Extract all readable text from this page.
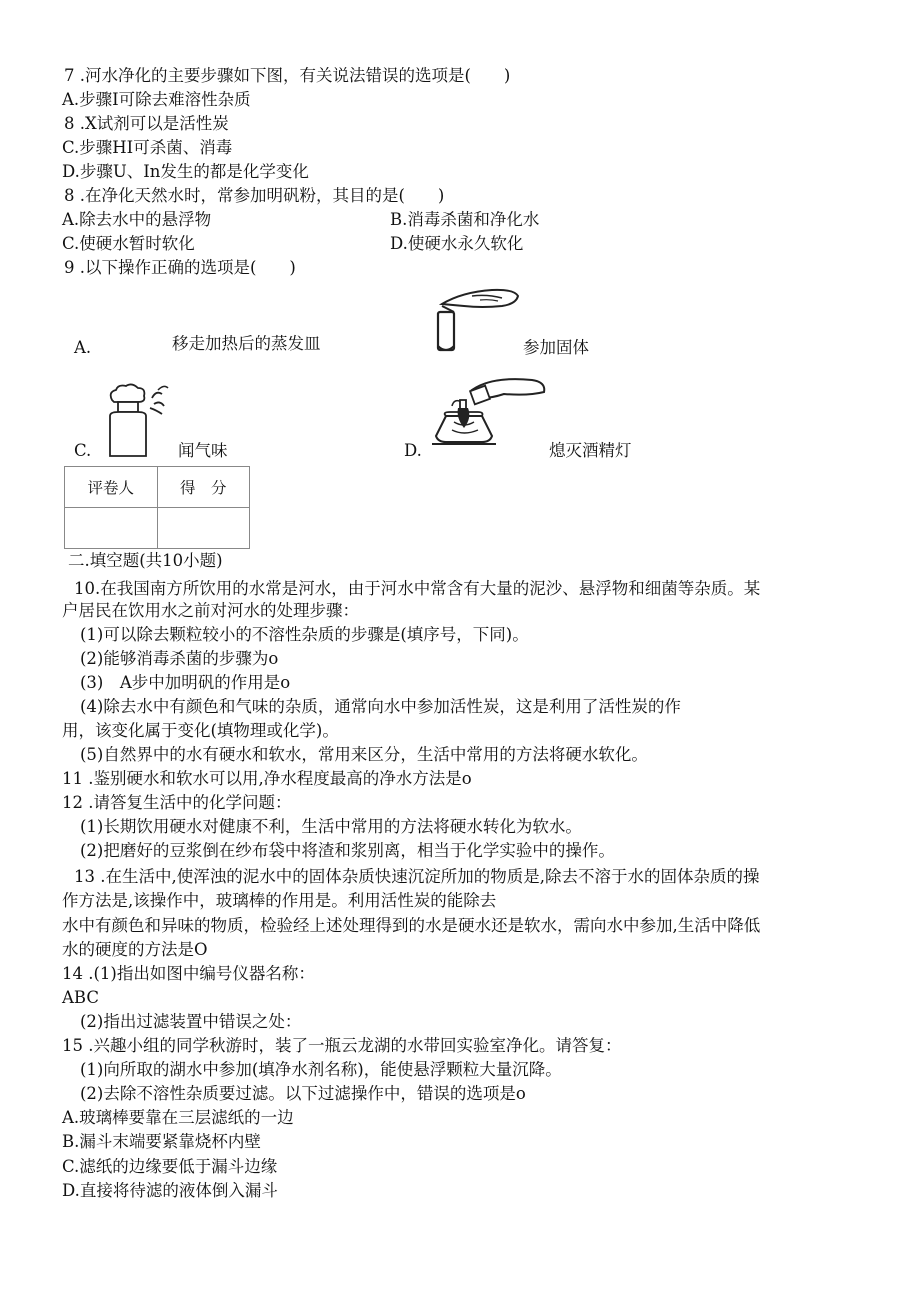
7 .河水净化的主要步骤如下图，有关说法错误的选项是(　　)
A.步骤I可除去难溶性杂质
8 .X试剂可以是活性炭
C.步骤HI可杀菌、消毒
D.步骤U、In发生的都是化学变化
8 .在净化天然水时，常参加明矾粉，其目的是(　　)
A.除去水中的悬浮物	B.消毒杀菌和净化水
C.使硬水暂时软化	D.使硬水永久软化
9 .以下操作正确的选项是(　　)
A.	移走加热后的蒸发皿	参加固体
C.	闻气味	D.	熄灭酒精灯
评卷人	得　分

二.填空题(共10小题)
10.在我国南方所饮用的水常是河水，由于河水中常含有大量的泥沙、悬浮物和细菌等杂质。某
户居民在饮用水之前对河水的处理步骤：
(1)可以除去颗粒较小的不溶性杂质的步骤是(填序号，下同)。
(2)能够消毒杀菌的步骤为o
(3)　A步中加明矾的作用是o
(4)除去水中有颜色和气味的杂质，通常向水中参加活性炭，这是利用了活性炭的作
用，该变化属于变化(填物理或化学)。
(5)自然界中的水有硬水和软水，常用来区分，生活中常用的方法将硬水软化。
11 .鉴别硬水和软水可以用,净水程度最高的净水方法是o
12 .请答复生活中的化学问题：
(1)长期饮用硬水对健康不利，生活中常用的方法将硬水转化为软水。
(2)把磨好的豆浆倒在纱布袋中将渣和浆别离，相当于化学实验中的操作。
13 .在生活中,使浑浊的泥水中的固体杂质快速沉淀所加的物质是,除去不溶于水的固体杂质的操
作方法是,该操作中，玻璃棒的作用是。利用活性炭的能除去
水中有颜色和异味的物质，检验经上述处理得到的水是硬水还是软水，需向水中参加,生活中降低
水的硬度的方法是O
14 .(1)指出如图中编号仪器名称：
ABC
(2)指出过滤装置中错误之处：
15 .兴趣小组的同学秋游时，装了一瓶云龙湖的水带回实验室净化。请答复：
(1)向所取的湖水中参加(填净水剂名称)，能使悬浮颗粒大量沉降。
(2)去除不溶性杂质要过滤。以下过滤操作中，错误的选项是o
A.玻璃棒要靠在三层滤纸的一边
B.漏斗末端要紧靠烧杯内壁
C.滤纸的边缘要低于漏斗边缘
D.直接将待滤的液体倒入漏斗
